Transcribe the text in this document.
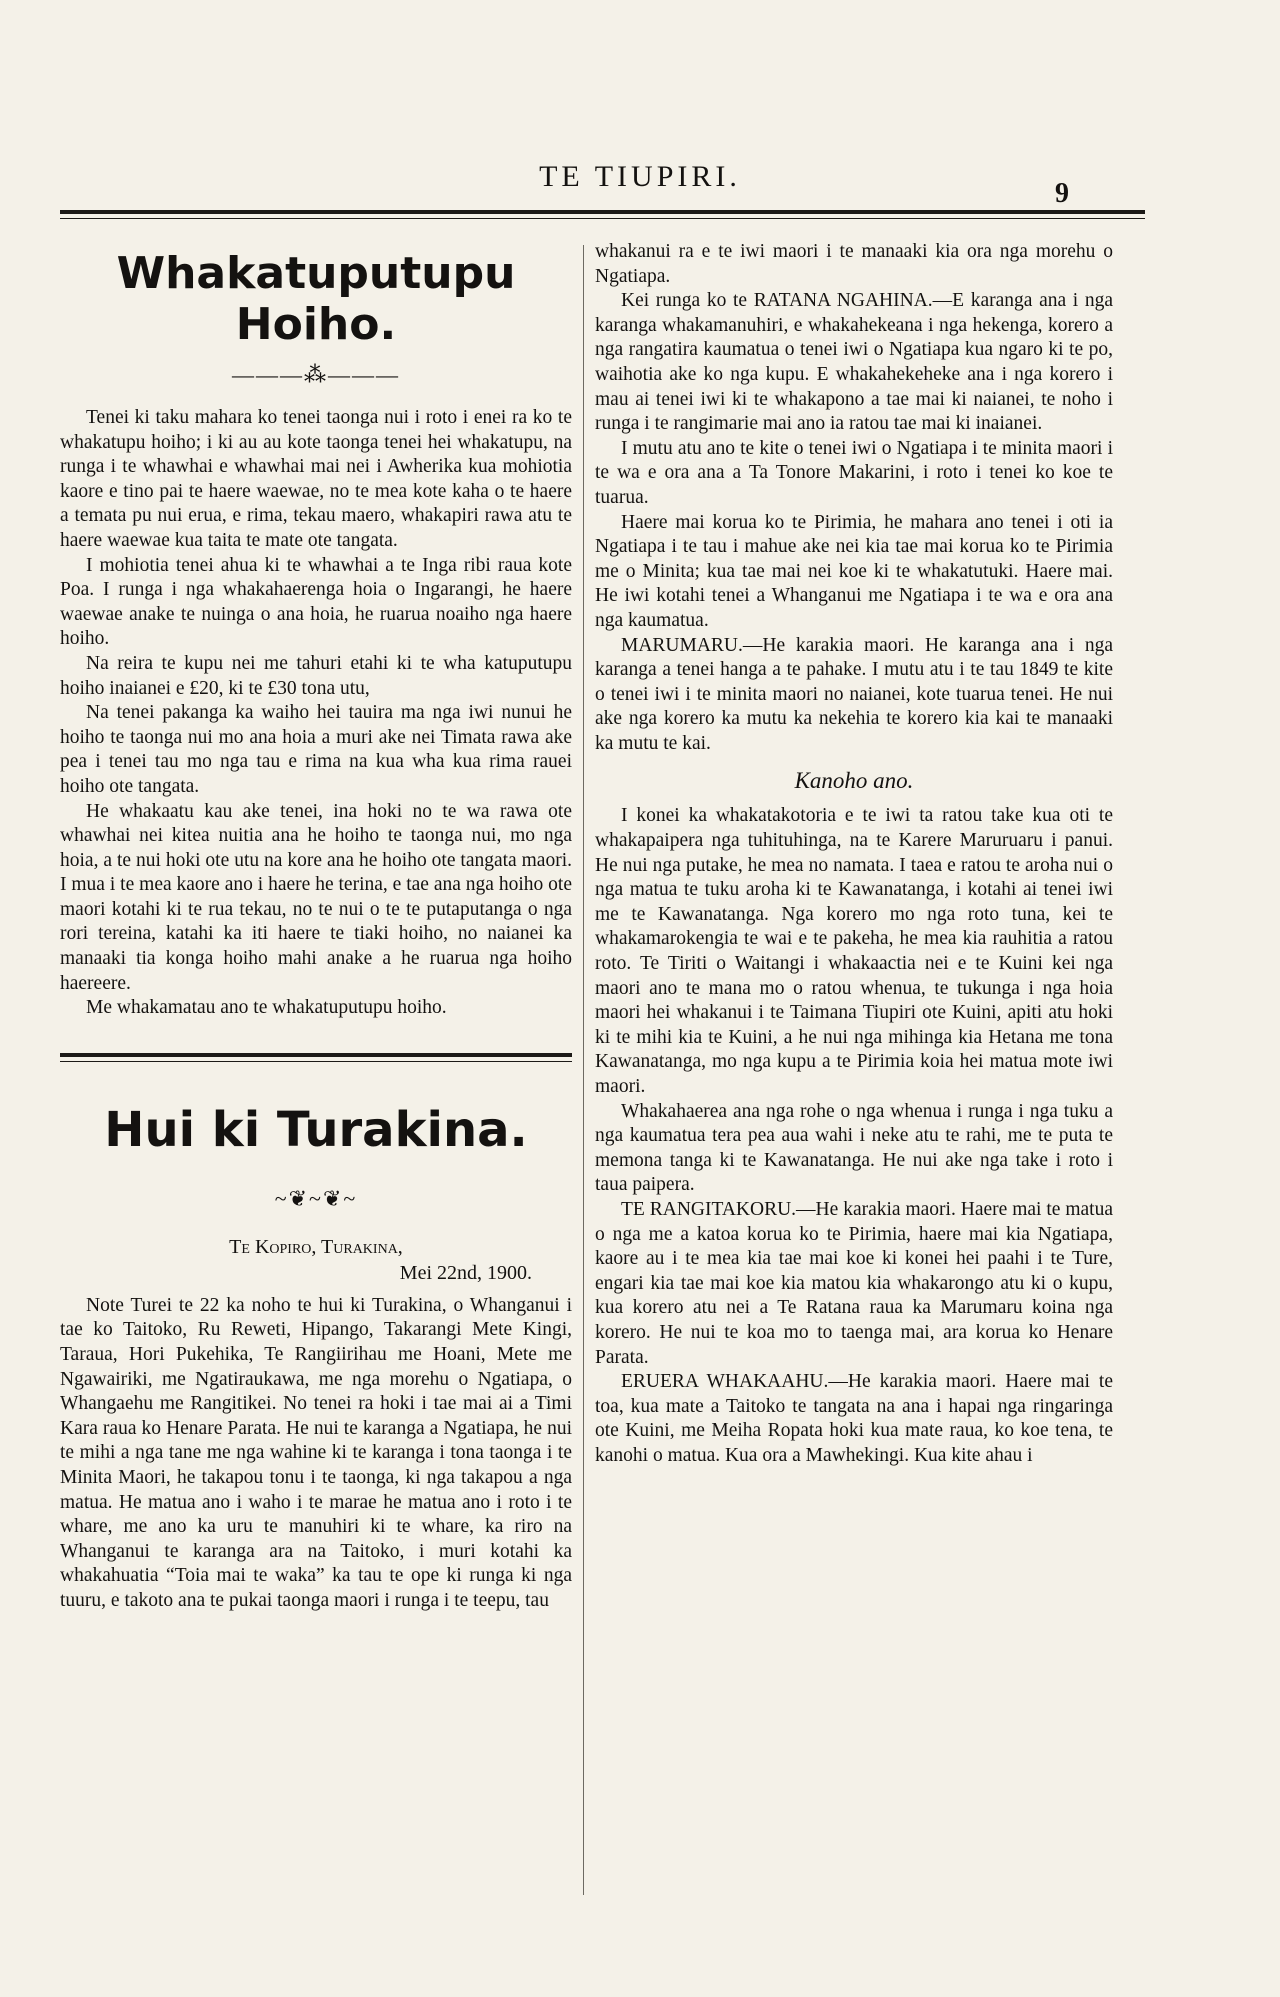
TE TIUPIRI.
9
Whakatuputupu Hoiho.
———⁂———

Tenei ki taku mahara ko tenei taonga nui i roto i enei ra ko te whakatupu hoiho; i ki au au kote taonga tenei hei whakatupu, na runga i te whawhai e whawhai mai nei i Awherika kua mohiotia kaore e tino pai te haere waewae, no te mea kote kaha o te haere a temata pu nui erua, e rima, tekau maero, whakapiri rawa atu te haere waewae kua taita te mate ote tangata.

I mohiotia tenei ahua ki te whawhai a te Inga ribi raua kote Poa. I runga i nga whakahaerenga hoia o Ingarangi, he haere waewae anake te nuinga o ana hoia, he ruarua noaiho nga haere hoiho.

Na reira te kupu nei me tahuri etahi ki te wha katuputupu hoiho inaianei e £20, ki te £30 tona utu,

Na tenei pakanga ka waiho hei tauira ma nga iwi nunui he hoiho te taonga nui mo ana hoia a muri ake nei Timata rawa ake pea i tenei tau mo nga tau e rima na kua wha kua rima rauei hoiho ote tangata.

He whakaatu kau ake tenei, ina hoki no te wa rawa ote whawhai nei kitea nuitia ana he hoiho te taonga nui, mo nga hoia, a te nui hoki ote utu na kore ana he hoiho ote tangata maori. I mua i te mea kaore ano i haere he terina, e tae ana nga hoiho ote maori kotahi ki te rua tekau, no te nui o te te putaputanga o nga rori tereina, katahi ka iti haere te tiaki hoiho, no naianei ka manaaki tia konga hoiho mahi anake a he ruarua nga hoiho haereere.

Me whakamatau ano te whakatuputupu hoiho.

Hui ki Turakina.
~❦~❦~
Te Kopiro, Turakina,
Mei 22nd, 1900.

Note Turei te 22 ka noho te hui ki Turakina, o Whanganui i tae ko Taitoko, Ru Reweti, Hipango, Takarangi Mete Kingi, Taraua, Hori Pukehika, Te Rangiirihau me Hoani, Mete me Ngawairiki, me Ngatiraukawa, me nga morehu o Ngatiapa, o Whangaehu me Rangitikei. No tenei ra hoki i tae mai ai a Timi Kara raua ko Henare Parata. He nui te karanga a Ngatiapa, he nui te mihi a nga tane me nga wahine ki te karanga i tona taonga i te Minita Maori, he takapou tonu i te taonga, ki nga takapou a nga matua. He matua ano i waho i te marae he matua ano i roto i te whare, me ano ka uru te manuhiri ki te whare, ka riro na Whanganui te karanga ara na Taitoko, i muri kotahi ka whakahuatia “Toia mai te waka” ka tau te ope ki runga ki nga tuuru, e takoto ana te pukai taonga maori i runga i te teepu, tau

whakanui ra e te iwi maori i te manaaki kia ora nga morehu o Ngatiapa.

Kei runga ko te RATANA NGAHINA.—E karanga ana i nga karanga whakamanuhiri, e whakahekeana i nga hekenga, korero a nga rangatira kaumatua o tenei iwi o Ngatiapa kua ngaro ki te po, waihotia ake ko nga kupu. E whakahekeheke ana i nga korero i mau ai tenei iwi ki te whakapono a tae mai ki naianei, te noho i runga i te rangimarie mai ano ia ratou tae mai ki inaianei.

I mutu atu ano te kite o tenei iwi o Ngatiapa i te minita maori i te wa e ora ana a Ta Tonore Makarini, i roto i tenei ko koe te tuarua.

Haere mai korua ko te Pirimia, he mahara ano tenei i oti ia Ngatiapa i te tau i mahue ake nei kia tae mai korua ko te Pirimia me o Minita; kua tae mai nei koe ki te whakatutuki. Haere mai. He iwi kotahi tenei a Whanganui me Ngatiapa i te wa e ora ana nga kaumatua.

MARUMARU.—He karakia maori. He karanga ana i nga karanga a tenei hanga a te pahake. I mutu atu i te tau 1849 te kite o tenei iwi i te minita maori no naianei, kote tuarua tenei. He nui ake nga korero ka mutu ka nekehia te korero kia kai te manaaki ka mutu te kai.

Kanoho ano.

I konei ka whakatakotoria e te iwi ta ratou take kua oti te whakapaipera nga tuhituhinga, na te Karere Maruruaru i panui. He nui nga putake, he mea no namata. I taea e ratou te aroha nui o nga matua te tuku aroha ki te Kawanatanga, i kotahi ai tenei iwi me te Kawanatanga. Nga korero mo nga roto tuna, kei te whakamarokengia te wai e te pakeha, he mea kia rauhitia a ratou roto. Te Tiriti o Waitangi i whakaactia nei e te Kuini kei nga maori ano te mana mo o ratou whenua, te tukunga i nga hoia maori hei whakanui i te Taimana Tiupiri ote Kuini, apiti atu hoki ki te mihi kia te Kuini, a he nui nga mihinga kia Hetana me tona Kawanatanga, mo nga kupu a te Pirimia koia hei matua mote iwi maori.

Whakahaerea ana nga rohe o nga whenua i runga i nga tuku a nga kaumatua tera pea aua wahi i neke atu te rahi, me te puta te memona tanga ki te Kawanatanga. He nui ake nga take i roto i taua paipera.

TE RANGITAKORU.—He karakia maori. Haere mai te matua o nga me a katoa korua ko te Pirimia, haere mai kia Ngatiapa, kaore au i te mea kia tae mai koe ki konei hei paahi i te Ture, engari kia tae mai koe kia matou kia whakarongo atu ki o kupu, kua korero atu nei a Te Ratana raua ka Marumaru koina nga korero. He nui te koa mo to taenga mai, ara korua ko Henare Parata.

ERUERA WHAKAAHU.—He karakia maori. Haere mai te toa, kua mate a Taitoko te tangata na ana i hapai nga ringaringa ote Kuini, me Meiha Ropata hoki kua mate raua, ko koe tena, te kanohi o matua. Kua ora a Mawhekingi. Kua kite ahau i
